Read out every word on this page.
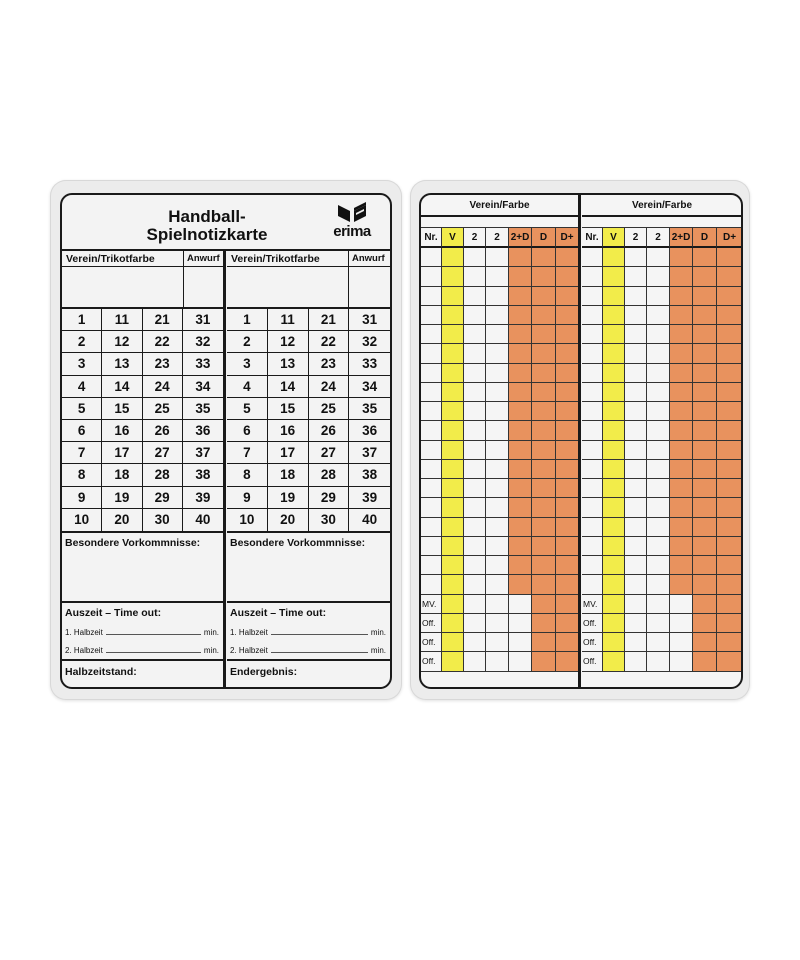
Handball-
Spielnotizkarte	erima
Verein/Trikotfarbe	Anwurf
1	11	21	31
2	12	22	32
3	13	23	33
4	14	24	34
5	15	25	35
6	16	26	36
7	17	27	37
8	18	28	38
9	19	29	39
10	20	30	40
Besondere Vorkommnisse:
Auszeit – Time out:
1. Halbzeit	min.
2. Halbzeit	min.
Halbzeitstand:
Verein/Trikotfarbe	Anwurf
1	11	21	31
2	12	22	32
3	13	23	33
4	14	24	34
5	15	25	35
6	16	26	36
7	17	27	37
8	18	28	38
9	19	29	39
10	20	30	40
Besondere Vorkommnisse:
Auszeit – Time out:
1. Halbzeit	min.
2. Halbzeit	min.
Endergebnis:
Verein/Farbe
Nr.	V	2	2	2+D	D	D+
MV.
Off.
Off.
Off.
Verein/Farbe
Nr.	V	2	2	2+D	D	D+
MV.
Off.
Off.
Off.
